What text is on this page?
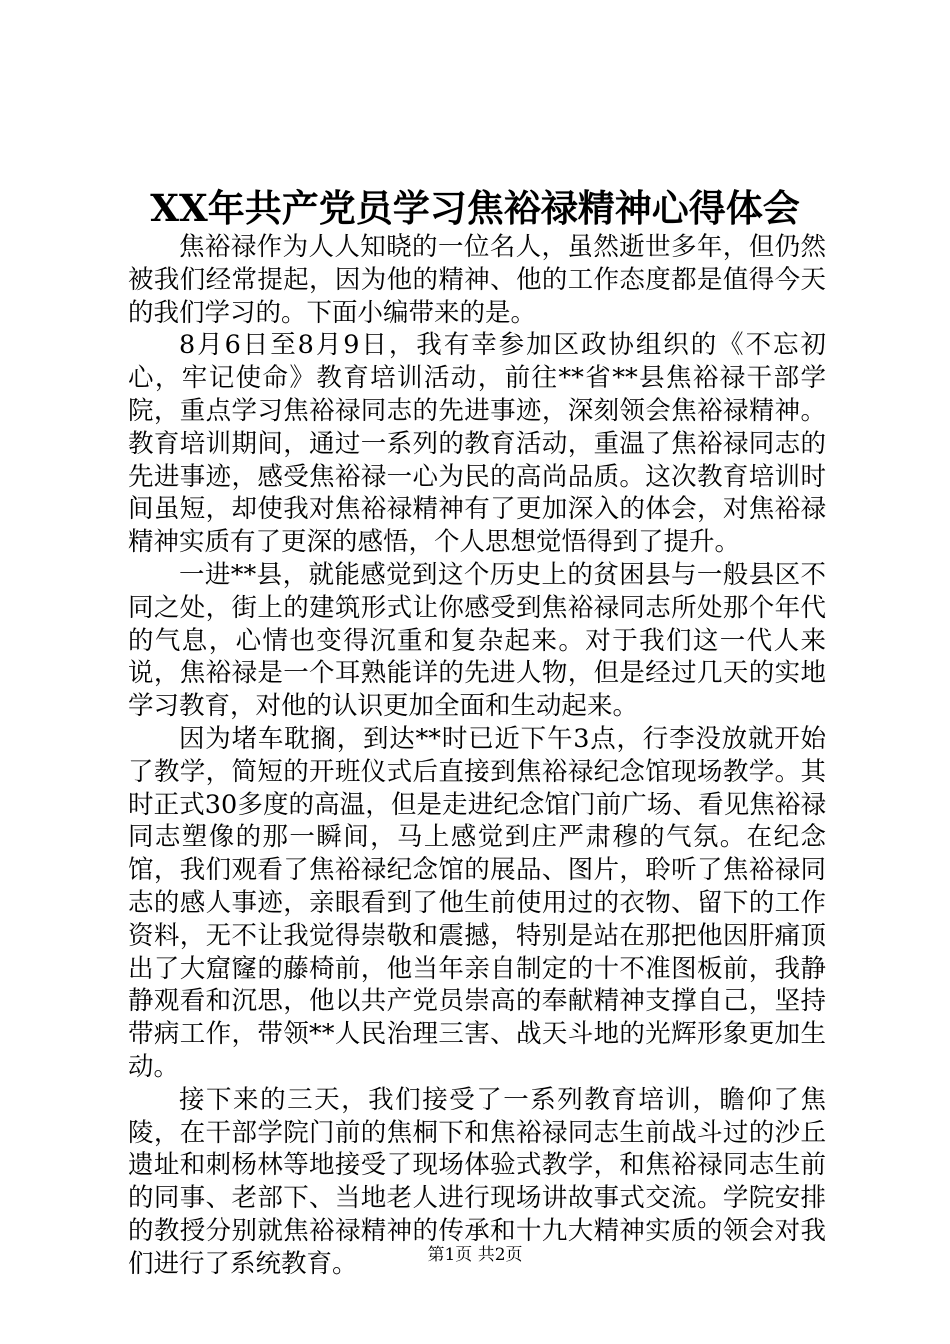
XX年共产党员学习焦裕禄精神心得体会

焦裕禄作为人人知晓的一位名人，虽然逝世多年，但仍然被我们经常提起，因为他的精神、他的工作态度都是值得今天的我们学习的。下面小编带来的是。

8月6日至8月9日，我有幸参加区政协组织的《不忘初心，牢记使命》教育培训活动，前往**省**县焦裕禄干部学院，重点学习焦裕禄同志的先进事迹，深刻领会焦裕禄精神。教育培训期间，通过一系列的教育活动，重温了焦裕禄同志的先进事迹，感受焦裕禄一心为民的高尚品质。这次教育培训时间虽短，却使我对焦裕禄精神有了更加深入的体会，对焦裕禄精神实质有了更深的感悟，个人思想觉悟得到了提升。

一进**县，就能感觉到这个历史上的贫困县与一般县区不同之处，街上的建筑形式让你感受到焦裕禄同志所处那个年代的气息，心情也变得沉重和复杂起来。对于我们这一代人来说，焦裕禄是一个耳熟能详的先进人物，但是经过几天的实地学习教育，对他的认识更加全面和生动起来。

因为堵车耽搁，到达**时已近下午3点，行李没放就开始了教学，简短的开班仪式后直接到焦裕禄纪念馆现场教学。其时正式30多度的高温，但是走进纪念馆门前广场、看见焦裕禄同志塑像的那一瞬间，马上感觉到庄严肃穆的气氛。在纪念馆，我们观看了焦裕禄纪念馆的展品、图片，聆听了焦裕禄同志的感人事迹，亲眼看到了他生前使用过的衣物、留下的工作资料，无不让我觉得崇敬和震撼，特别是站在那把他因肝痛顶出了大窟窿的藤椅前，他当年亲自制定的十不准图板前，我静静观看和沉思，他以共产党员崇高的奉献精神支撑自己，坚持带病工作，带领**人民治理三害、战天斗地的光辉形象更加生动。

接下来的三天，我们接受了一系列教育培训，瞻仰了焦陵，在干部学院门前的焦桐下和焦裕禄同志生前战斗过的沙丘遗址和刺杨林等地接受了现场体验式教学，和焦裕禄同志生前的同事、老部下、当地老人进行现场讲故事式交流。学院安排的教授分别就焦裕禄精神的传承和十九大精神实质的领会对我们进行了系统教育。	第1页 共2页
